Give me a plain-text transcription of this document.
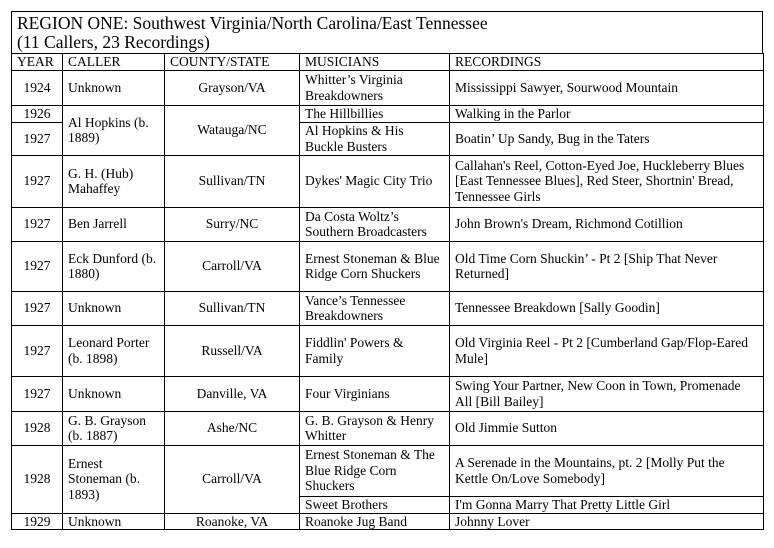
REGION ONE: Southwest Virginia/North Carolina/East Tennessee
(11 Callers, 23 Recordings)
YEAR	CALLER	COUNTY/STATE	MUSICIANS	RECORDINGS
1924	Unknown	Grayson/VA	Whitter’s Virginia Breakdowners	Mississippi Sawyer, Sourwood Mountain
1926	Al Hopkins (b. 1889)	Watauga/NC	The Hillbillies	Walking in the Parlor
1927			Al Hopkins & His Buckle Busters	Boatin’ Up Sandy, Bug in the Taters
1927	G. H. (Hub) Mahaffey	Sullivan/TN	Dykes' Magic City Trio	Callahan's Reel, Cotton-Eyed Joe, Huckleberry Blues [East Tennessee Blues], Red Steer, Shortnin' Bread, Tennessee Girls
1927	Ben Jarrell	Surry/NC	Da Costa Woltz’s Southern Broadcasters	John Brown's Dream, Richmond Cotillion
1927	Eck Dunford (b. 1880)	Carroll/VA	Ernest Stoneman & Blue Ridge Corn Shuckers	Old Time Corn Shuckin’ - Pt 2 [Ship That Never Returned]
1927	Unknown	Sullivan/TN	Vance’s Tennessee Breakdowners	Tennessee Breakdown [Sally Goodin]
1927	Leonard Porter (b. 1898)	Russell/VA	Fiddlin' Powers & Family	Old Virginia Reel - Pt 2 [Cumberland Gap/Flop-Eared Mule]
1927	Unknown	Danville, VA	Four Virginians	Swing Your Partner, New Coon in Town, Promenade All [Bill Bailey]
1928	G. B. Grayson (b. 1887)	Ashe/NC	G. B. Grayson & Henry Whitter	Old Jimmie Sutton
1928	Ernest Stoneman (b. 1893)	Carroll/VA	Ernest Stoneman & The Blue Ridge Corn Shuckers	A Serenade in the Mountains, pt. 2 [Molly Put the Kettle On/Love Somebody]
			Sweet Brothers	I'm Gonna Marry That Pretty Little Girl
1929	Unknown	Roanoke, VA	Roanoke Jug Band	Johnny Lover
